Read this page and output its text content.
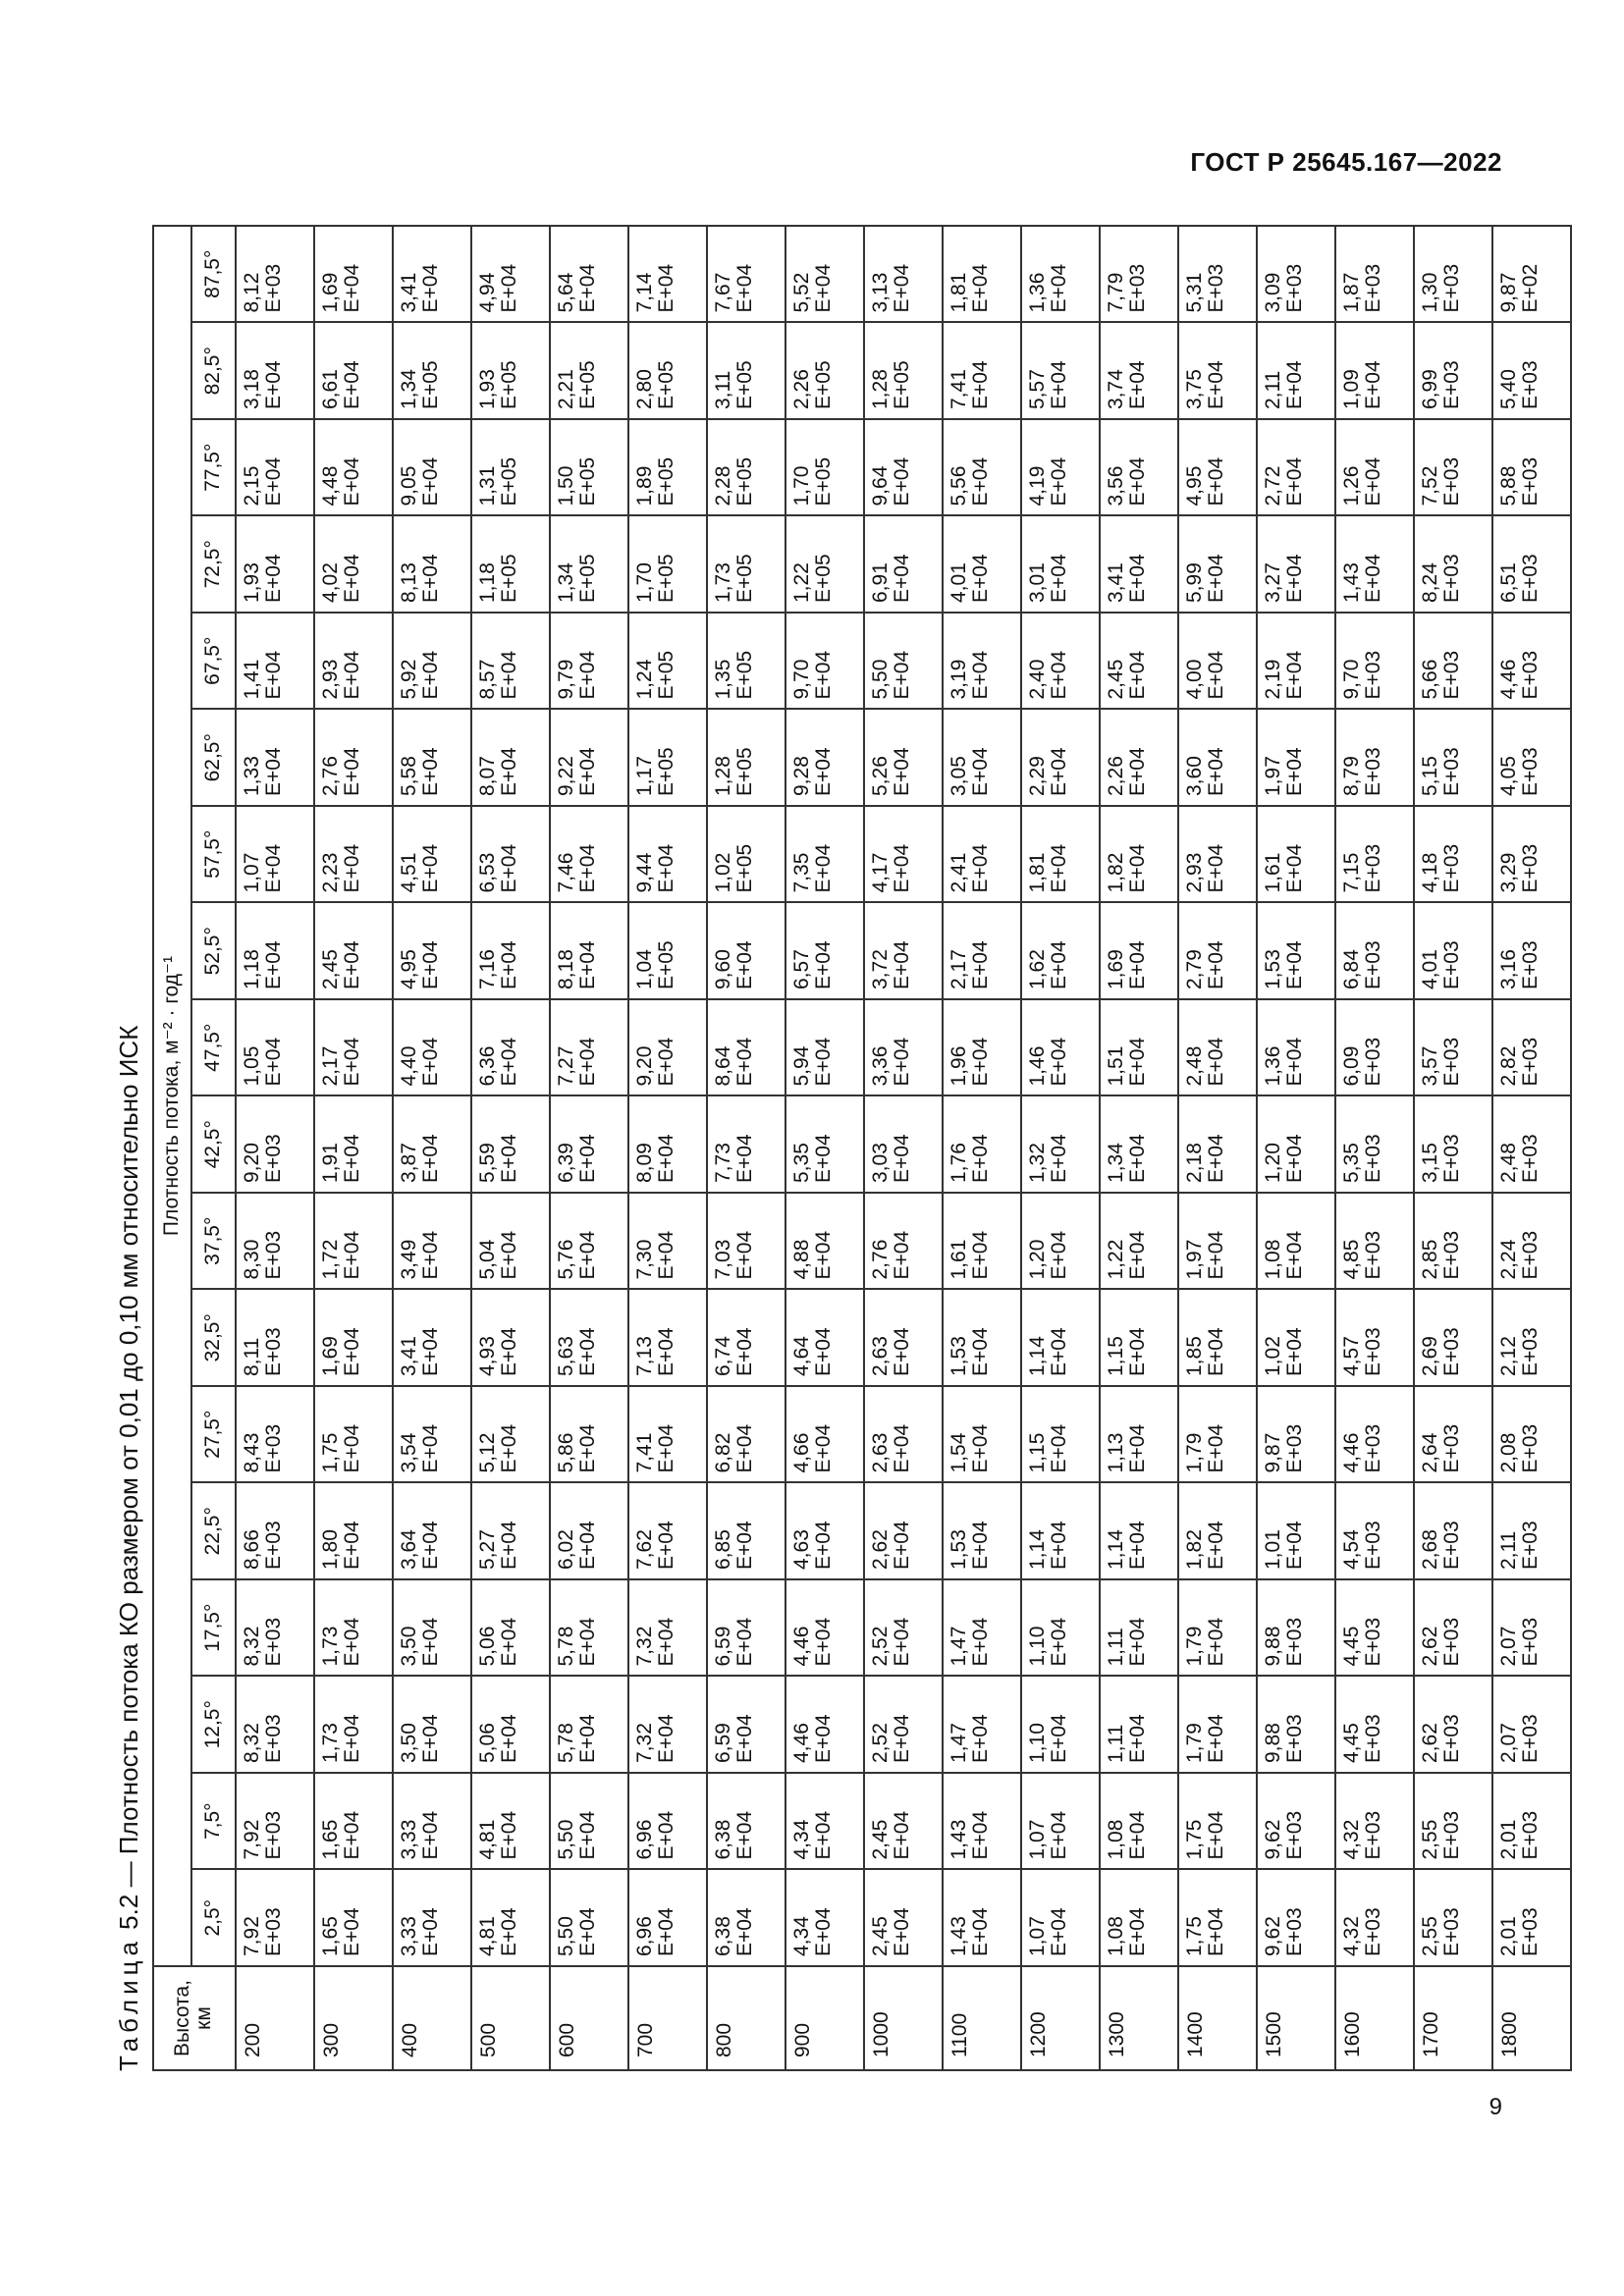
ГОСТ Р 25645.167—2022
Таблица 5.2 — Плотность потока КО размером от 0,01 до 0,10 мм относительно ИСК
Высота, км	Плотность потока, м⁻² · год⁻¹																	
	2,5°	7,5°	12,5°	17,5°	22,5°	27,5°	32,5°	37,5°	42,5°	47,5°	52,5°	57,5°	62,5°	67,5°	72,5°	77,5°	82,5°	87,5°
200	7,92 E+03	7,92 E+03	8,32 E+03	8,32 E+03	8,66 E+03	8,43 E+03	8,11 E+03	8,30 E+03	9,20 E+03	1,05 E+04	1,18 E+04	1,07 E+04	1,33 E+04	1,41 E+04	1,93 E+04	2,15 E+04	3,18 E+04	8,12 E+03

300	1,65 E+04	1,65 E+04	1,73 E+04	1,73 E+04	1,80 E+04	1,75 E+04	1,69 E+04	1,72 E+04	1,91 E+04	2,17 E+04	2,45 E+04	2,23 E+04	2,76 E+04	2,93 E+04	4,02 E+04	4,48 E+04	6,61 E+04	1,69 E+04

400	3,33 E+04	3,33 E+04	3,50 E+04	3,50 E+04	3,64 E+04	3,54 E+04	3,41 E+04	3,49 E+04	3,87 E+04	4,40 E+04	4,95 E+04	4,51 E+04	5,58 E+04	5,92 E+04	8,13 E+04	9,05 E+04	1,34 E+05	3,41 E+04

500	4,81 E+04	4,81 E+04	5,06 E+04	5,06 E+04	5,27 E+04	5,12 E+04	4,93 E+04	5,04 E+04	5,59 E+04	6,36 E+04	7,16 E+04	6,53 E+04	8,07 E+04	8,57 E+04	1,18 E+05	1,31 E+05	1,93 E+05	4,94 E+04

600	5,50 E+04	5,50 E+04	5,78 E+04	5,78 E+04	6,02 E+04	5,86 E+04	5,63 E+04	5,76 E+04	6,39 E+04	7,27 E+04	8,18 E+04	7,46 E+04	9,22 E+04	9,79 E+04	1,34 E+05	1,50 E+05	2,21 E+05	5,64 E+04

700	6,96 E+04	6,96 E+04	7,32 E+04	7,32 E+04	7,62 E+04	7,41 E+04	7,13 E+04	7,30 E+04	8,09 E+04	9,20 E+04	1,04 E+05	9,44 E+04	1,17 E+05	1,24 E+05	1,70 E+05	1,89 E+05	2,80 E+05	7,14 E+04

800	6,38 E+04	6,38 E+04	6,59 E+04	6,59 E+04	6,85 E+04	6,82 E+04	6,74 E+04	7,03 E+04	7,73 E+04	8,64 E+04	9,60 E+04	1,02 E+05	1,28 E+05	1,35 E+05	1,73 E+05	2,28 E+05	3,11 E+05	7,67 E+04

900	4,34 E+04	4,34 E+04	4,46 E+04	4,46 E+04	4,63 E+04	4,66 E+04	4,64 E+04	4,88 E+04	5,35 E+04	5,94 E+04	6,57 E+04	7,35 E+04	9,28 E+04	9,70 E+04	1,22 E+05	1,70 E+05	2,26 E+05	5,52 E+04

1000	2,45 E+04	2,45 E+04	2,52 E+04	2,52 E+04	2,62 E+04	2,63 E+04	2,63 E+04	2,76 E+04	3,03 E+04	3,36 E+04	3,72 E+04	4,17 E+04	5,26 E+04	5,50 E+04	6,91 E+04	9,64 E+04	1,28 E+05	3,13 E+04

1100	1,43 E+04	1,43 E+04	1,47 E+04	1,47 E+04	1,53 E+04	1,54 E+04	1,53 E+04	1,61 E+04	1,76 E+04	1,96 E+04	2,17 E+04	2,41 E+04	3,05 E+04	3,19 E+04	4,01 E+04	5,56 E+04	7,41 E+04	1,81 E+04

1200	1,07 E+04	1,07 E+04	1,10 E+04	1,10 E+04	1,14 E+04	1,15 E+04	1,14 E+04	1,20 E+04	1,32 E+04	1,46 E+04	1,62 E+04	1,81 E+04	2,29 E+04	2,40 E+04	3,01 E+04	4,19 E+04	5,57 E+04	1,36 E+04

1300	1,08 E+04	1,08 E+04	1,11 E+04	1,11 E+04	1,14 E+04	1,13 E+04	1,15 E+04	1,22 E+04	1,34 E+04	1,51 E+04	1,69 E+04	1,82 E+04	2,26 E+04	2,45 E+04	3,41 E+04	3,56 E+04	3,74 E+04	7,79 E+03

1400	1,75 E+04	1,75 E+04	1,79 E+04	1,79 E+04	1,82 E+04	1,79 E+04	1,85 E+04	1,97 E+04	2,18 E+04	2,48 E+04	2,79 E+04	2,93 E+04	3,60 E+04	4,00 E+04	5,99 E+04	4,95 E+04	3,75 E+04	5,31 E+03

1500	9,62 E+03	9,62 E+03	9,88 E+03	9,88 E+03	1,01 E+04	9,87 E+03	1,02 E+04	1,08 E+04	1,20 E+04	1,36 E+04	1,53 E+04	1,61 E+04	1,97 E+04	2,19 E+04	3,27 E+04	2,72 E+04	2,11 E+04	3,09 E+03

1600	4,32 E+03	4,32 E+03	4,45 E+03	4,45 E+03	4,54 E+03	4,46 E+03	4,57 E+03	4,85 E+03	5,35 E+03	6,09 E+03	6,84 E+03	7,15 E+03	8,79 E+03	9,70 E+03	1,43 E+04	1,26 E+04	1,09 E+04	1,87 E+03

1700	2,55 E+03	2,55 E+03	2,62 E+03	2,62 E+03	2,68 E+03	2,64 E+03	2,69 E+03	2,85 E+03	3,15 E+03	3,57 E+03	4,01 E+03	4,18 E+03	5,15 E+03	5,66 E+03	8,24 E+03	7,52 E+03	6,99 E+03	1,30 E+03

1800	2,01 E+03	2,01 E+03	2,07 E+03	2,07 E+03	2,11 E+03	2,08 E+03	2,12 E+03	2,24 E+03	2,48 E+03	2,82 E+03	3,16 E+03	3,29 E+03	4,05 E+03	4,46 E+03	6,51 E+03	5,88 E+03	5,40 E+03	9,87 E+02
9
